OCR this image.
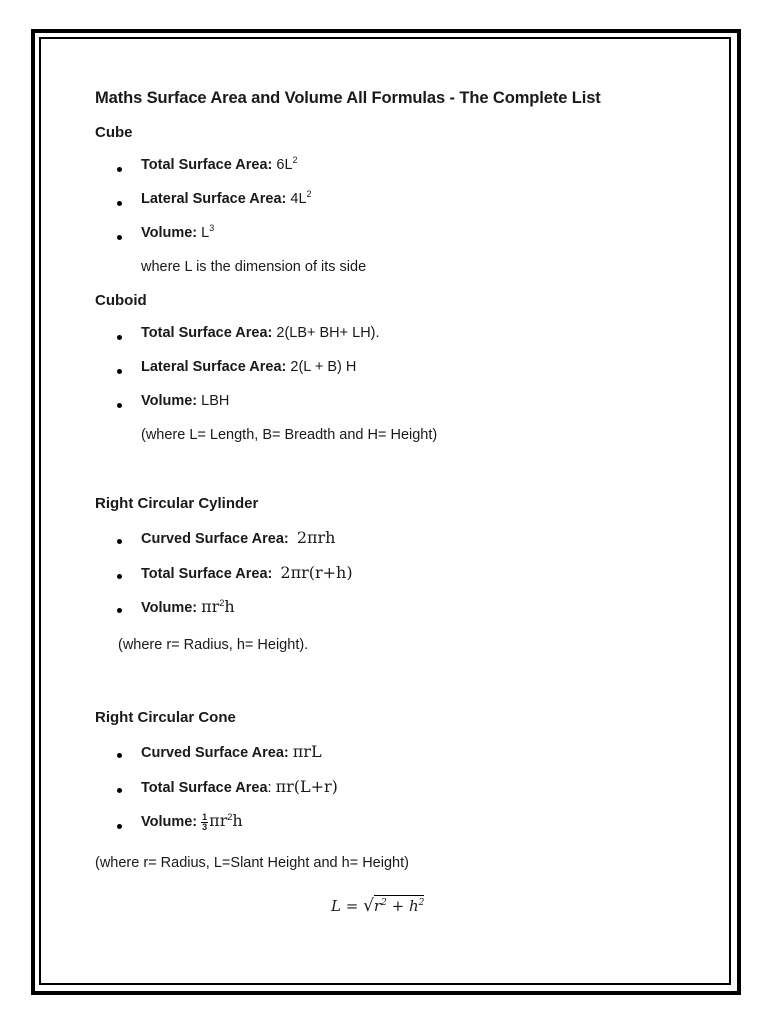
Maths Surface Area and Volume All Formulas - The Complete List
Cube
Total Surface Area: $6L^2$
Lateral Surface Area: $4L^2$
Volume: $L^3$
where L is the dimension of its side
Cuboid
Total Surface Area: 2(LB+ BH+ LH).
Lateral Surface Area: 2(L + B) H
Volume: LBH
(where L= Length, B= Breadth and H= Height)
Right Circular Cylinder
Curved Surface Area: 2πrh
Total Surface Area: 2πr(r+h)
Volume: $\pi r^2h$
(where r= Radius, h= Height).
Right Circular Cone
Curved Surface Area: πrL
Total Surface Area: πr(L+r)
Volume: $\frac{1}{3} \pi r^2h$
(where r= Radius, L=Slant Height and h= Height)
$L = √r^2 + h^2$
